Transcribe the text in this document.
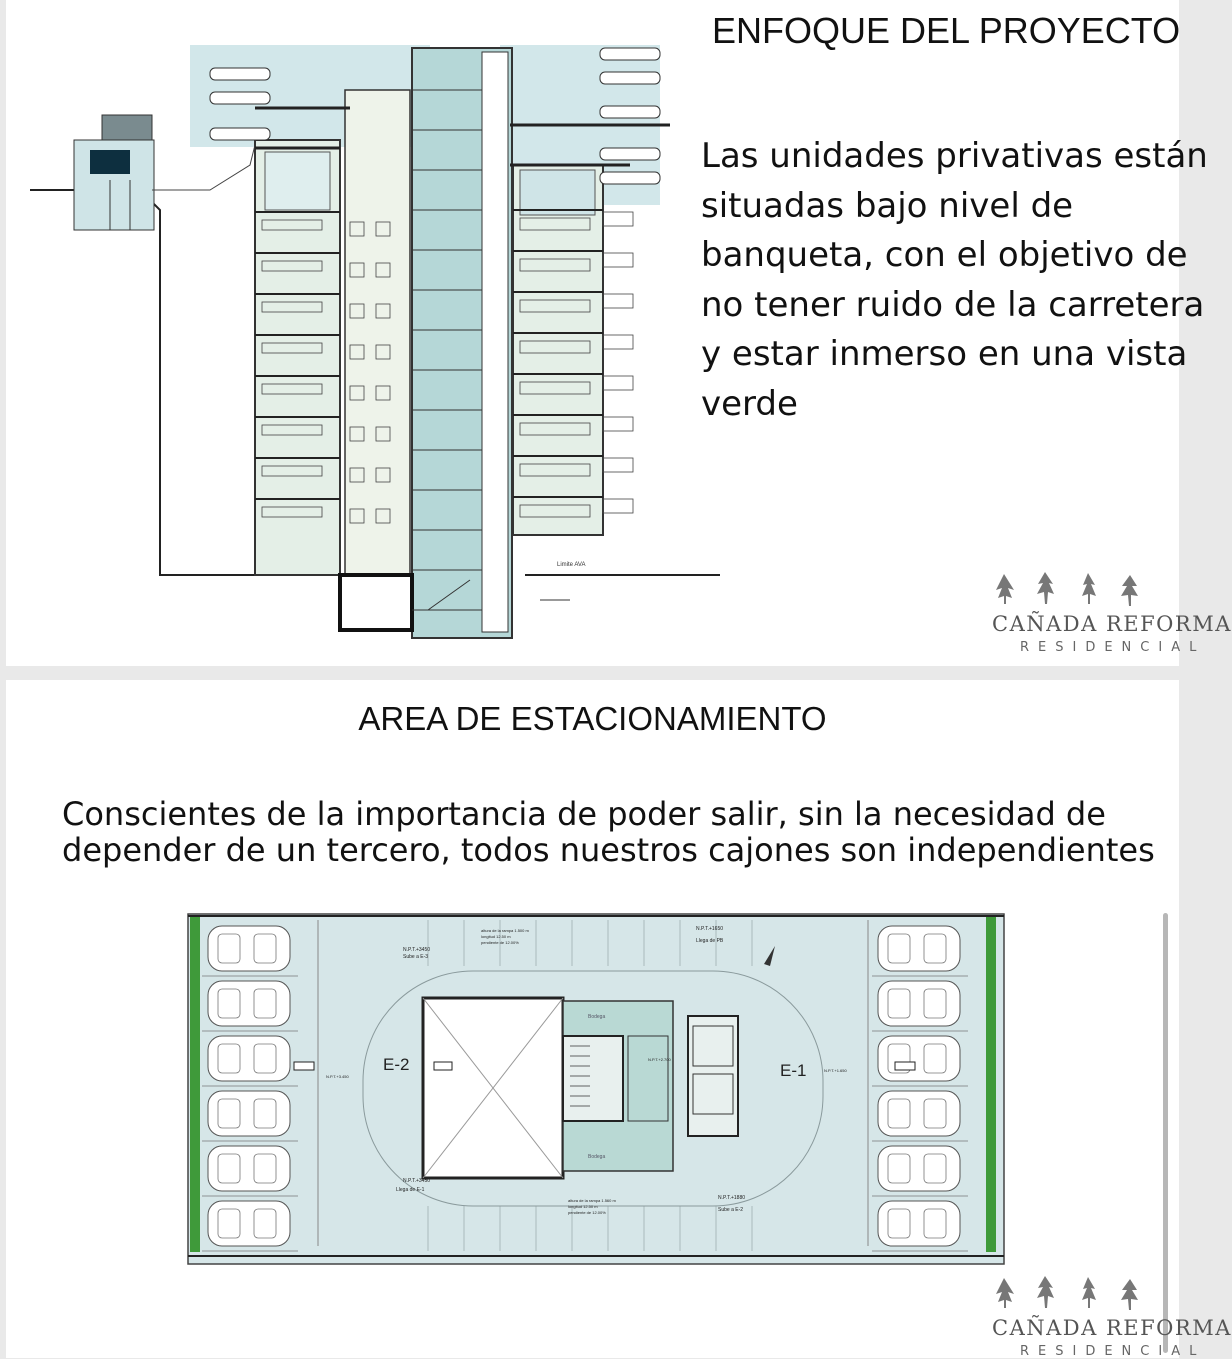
ENFOQUE DEL PROYECTO
Limite AVA

Las unidades privativas están situadas bajo nivel de banqueta, con el objetivo de no tener ruido de la carretera y estar inmerso en una vista verde

CAÑADA REFORMA
RESIDENCIAL
AREA DE ESTACIONAMIENTO

Conscientes de la importancia de poder salir, sin la necesidad de depender de un tercero, todos nuestros cajones son independientes

E-2	E-1
N.P.T.+3450
Sube a E-3
altura de la rampa 1.500 m
longitud 12.50 m
pendiente de 12.00%
N.P.T.+1650
Llega de PB
N.P.T.+3.450
N.P.T.+1.650
N.P.T.+3450
Llega de E-1
N.P.T.+1880
Sube a E-2
N.P.T.+2.700
Bodega
Bodega
altura de la rampa 1.560 m
longitud 12.50 m
pendiente de 12.00%
CAÑADA REFORMA
RESIDENCIAL
